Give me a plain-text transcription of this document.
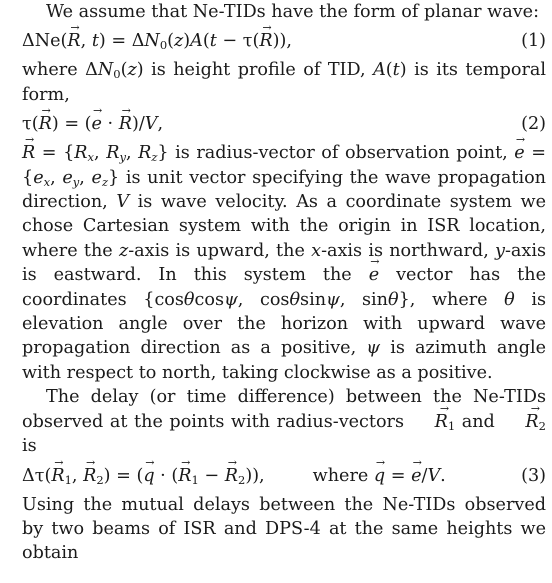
We assume that Ne-TIDs have the form of planar wave:

ΔNe(→ R, $t) = \Delta N_0(z)A(t - \tau(\to R))$,	(1)

where $\Delta N_0(z)$ is height profile of TID, A(t) is its temporal form,

τ(→ R) = (→ e · → R)/V,	(2)

→ $R = \{R_x$, $R_y$, $R_z$} is radius-vector of observation point, → $e = \{e_x$, $e_y$, $e_z$} is unit vector specifying the wave propagation direction, V is wave velocity. As a coordinate system we chose Cartesian system with the origin in ISR location, where the z-axis is upward, the x-axis is northward, y-axis is eastward. In this system the → e vector has the coordinates {cosθcosψ, cosθsinψ, sinθ}, where θ is elevation angle over the horizon with upward wave propagation direction as a positive, ψ is azimuth angle with respect to north, taking clockwise as a positive.

The delay (or time difference) between the Ne-TIDs observed at the points with radius-vectors → $R_1$ and → $R_2$ is

$\Delta\tau(\to R_1$, → $R_2$) = (→ q · (→ $R_1$ − → $R_2$)),	where → q = → e/V.	(3)

Using the mutual delays between the Ne-TIDs observed by two beams of ISR and DPS-4 at the same heights we obtain
